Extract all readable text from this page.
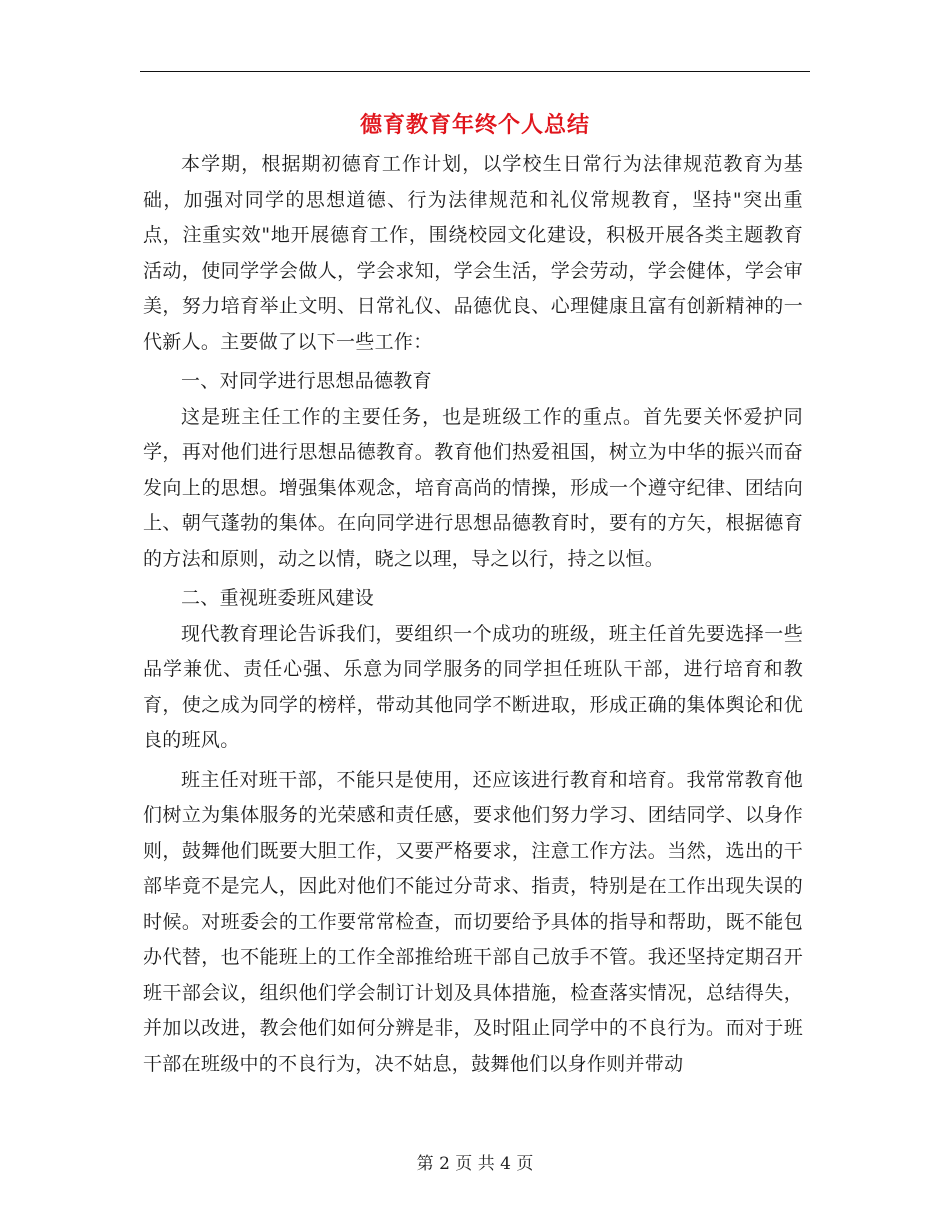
德育教育年终个人总结

本学期，根据期初德育工作计划，以学校生日常行为法律规范教育为基础，加强对同学的思想道德、行为法律规范和礼仪常规教育，坚持"突出重点，注重实效"地开展德育工作，围绕校园文化建设，积极开展各类主题教育活动，使同学学会做人，学会求知，学会生活，学会劳动，学会健体，学会审美，努力培育举止文明、日常礼仪、品德优良、心理健康且富有创新精神的一代新人。主要做了以下一些工作：

一、对同学进行思想品德教育

这是班主任工作的主要任务，也是班级工作的重点。首先要关怀爱护同学，再对他们进行思想品德教育。教育他们热爱祖国，树立为中华的振兴而奋发向上的思想。增强集体观念，培育高尚的情操，形成一个遵守纪律、团结向上、朝气蓬勃的集体。在向同学进行思想品德教育时，要有的方矢，根据德育的方法和原则，动之以情，晓之以理，导之以行，持之以恒。

二、重视班委班风建设

现代教育理论告诉我们，要组织一个成功的班级，班主任首先要选择一些品学兼优、责任心强、乐意为同学服务的同学担任班队干部，进行培育和教育，使之成为同学的榜样，带动其他同学不断进取，形成正确的集体舆论和优良的班风。

班主任对班干部，不能只是使用，还应该进行教育和培育。我常常教育他们树立为集体服务的光荣感和责任感，要求他们努力学习、团结同学、以身作则，鼓舞他们既要大胆工作，又要严格要求，注意工作方法。当然，选出的干部毕竟不是完人，因此对他们不能过分苛求、指责，特别是在工作出现失误的时候。对班委会的工作要常常检查，而切要给予具体的指导和帮助，既不能包办代替，也不能班上的工作全部推给班干部自己放手不管。我还坚持定期召开班干部会议，组织他们学会制订计划及具体措施，检查落实情况，总结得失，并加以改进，教会他们如何分辨是非，及时阻止同学中的不良行为。而对于班干部在班级中的不良行为，决不姑息，鼓舞他们以身作则并带动

第 2 页 共 4 页
